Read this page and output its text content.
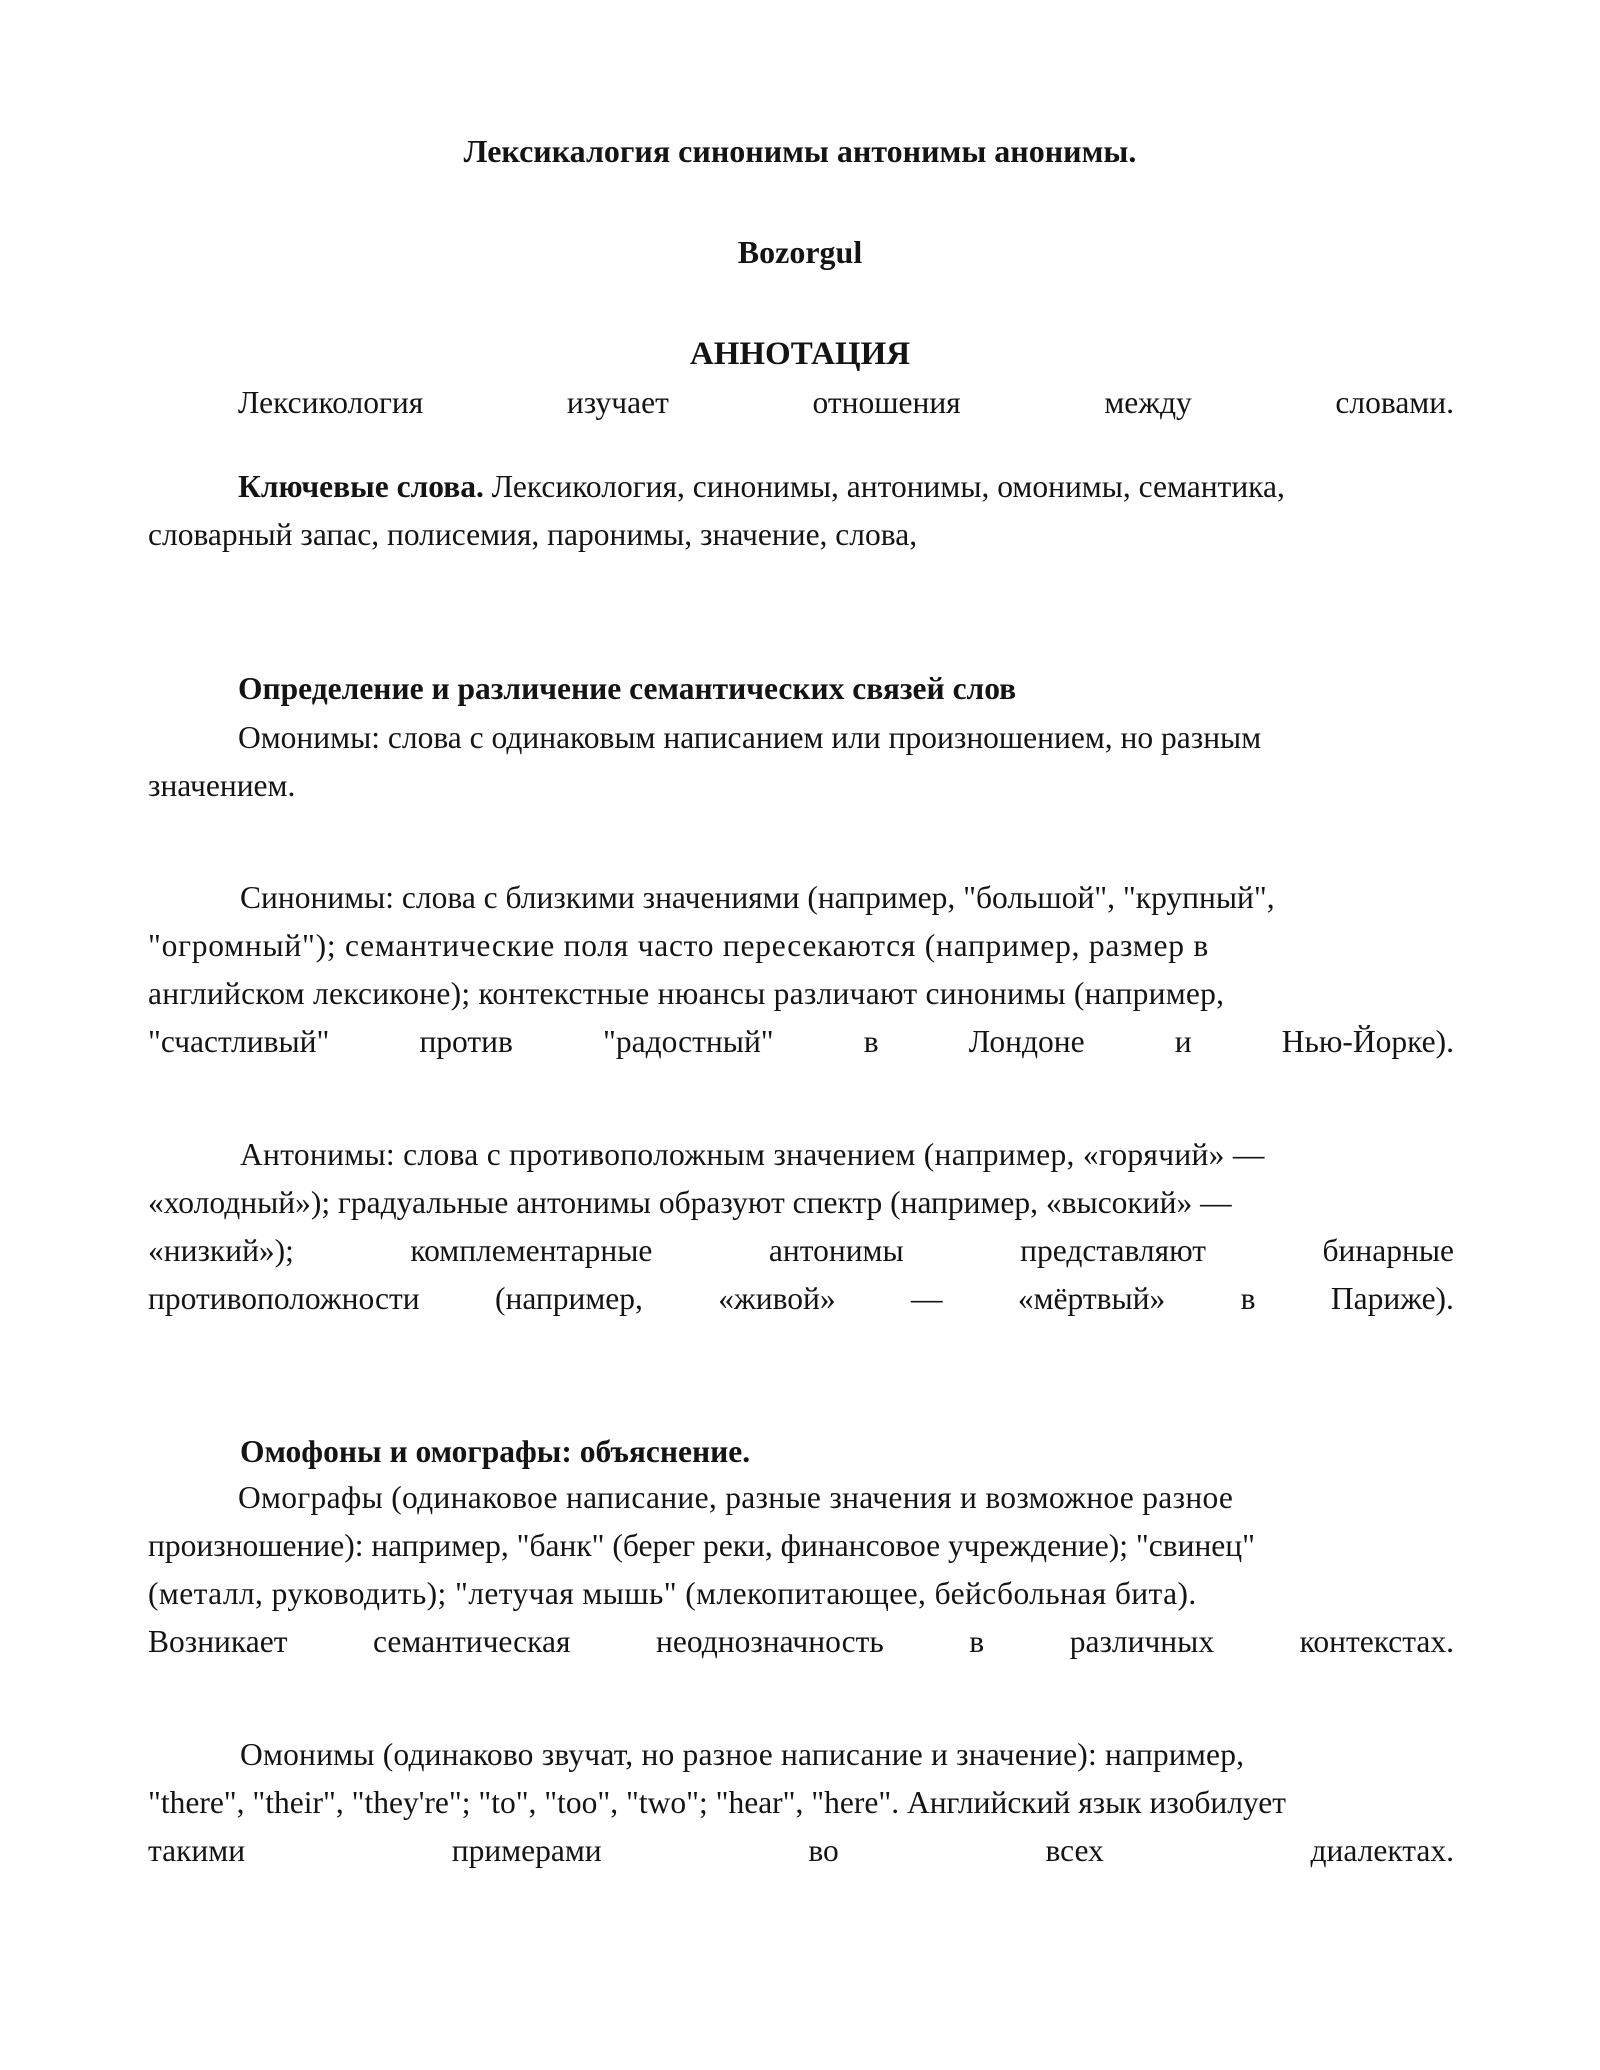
Лексикалогия синонимы антонимы анонимы.

Bozorgul

АННОТАЦИЯ

Лексикология	изучает	отношения	между	словами.

Ключевые слова. Лексикология, синонимы, антонимы, омонимы, семантика,

словарный запас, полисемия, паронимы, значение, слова,

Определение и различение семантических связей слов

Омонимы: слова с одинаковым написанием или произношением, но разным

значением.

Синонимы: слова с близкими значениями (например, "большой", "крупный",

"огромный"); семантические поля часто пересекаются (например, размер в

английском лексиконе); контекстные нюансы различают синонимы (например,

"счастливый"	против	"радостный"	в	Лондоне	и	Нью-Йорке).

Антонимы: слова с противоположным значением (например, «горячий» —

«холодный»); градуальные антонимы образуют спектр (например, «высокий» —

«низкий»);	комплементарные	антонимы	представляют	бинарные

противоположности (например, «живой» — «мёртвый» в Париже).

Омофоны и омографы: объяснение.

Омографы (одинаковое написание, разные значения и возможное разное

произношение): например, "банк" (берег реки, финансовое учреждение); "свинец"

(металл, руководить); "летучая мышь" (млекопитающее, бейсбольная бита).

Возникает	семантическая	неоднозначность	в	различных	контекстах.

Омонимы (одинаково звучат, но разное написание и значение): например,

"there", "their", "they're"; "to", "too", "two"; "hear", "here". Английский язык изобилует

такими	примерами	во	всех	диалектах.
